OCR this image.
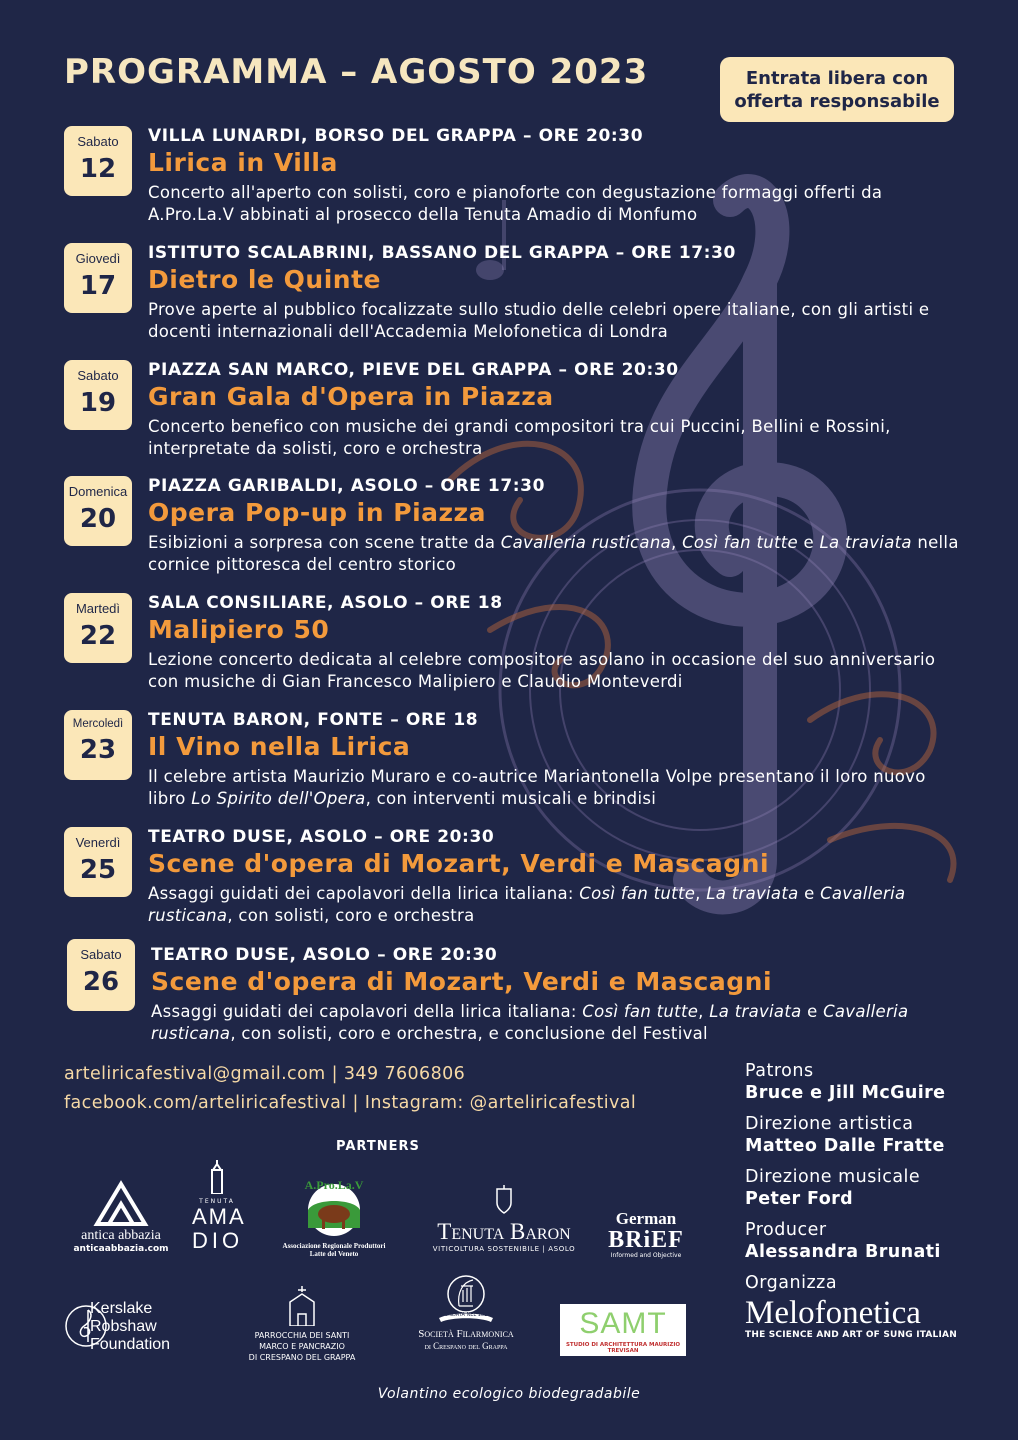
PROGRAMMA – AGOSTO 2023	Entrata libera con
offerta responsabile
Sabato
12
VILLA LUNARDI, BORSO DEL GRAPPA – ORE 20:30
Lirica in Villa
Concerto all'aperto con solisti, coro e pianoforte con degustazione formaggi offerti da A.Pro.La.V abbinati al prosecco della Tenuta Amadio di Monfumo
Giovedì
17
ISTITUTO SCALABRINI, BASSANO DEL GRAPPA – ORE 17:30
Dietro le Quinte
Prove aperte al pubblico focalizzate sullo studio delle celebri opere italiane, con gli artisti e docenti internazionali dell'Accademia Melofonetica di Londra
Sabato
19
PIAZZA SAN MARCO, PIEVE DEL GRAPPA – ORE 20:30
Gran Gala d'Opera in Piazza
Concerto benefico con musiche dei grandi compositori tra cui Puccini, Bellini e Rossini, interpretate da solisti, coro e orchestra
Domenica
20
PIAZZA GARIBALDI, ASOLO – ORE 17:30
Opera Pop-up in Piazza
Esibizioni a sorpresa con scene tratte da Cavalleria rusticana, Così fan tutte e La traviata nella cornice pittoresca del centro storico
Martedì
22
SALA CONSILIARE, ASOLO – ORE 18
Malipiero 50
Lezione concerto dedicata al celebre compositore asolano in occasione del suo anniversario con musiche di Gian Francesco Malipiero e Claudio Monteverdi
Mercoledì
23
TENUTA BARON, FONTE – ORE 18
Il Vino nella Lirica
Il celebre artista Maurizio Muraro e co-autrice Mariantonella Volpe presentano il loro nuovo libro Lo Spirito dell'Opera, con interventi musicali e brindisi
Venerdì
25
TEATRO DUSE, ASOLO – ORE 20:30
Scene d'opera di Mozart, Verdi e Mascagni
Assaggi guidati dei capolavori della lirica italiana: Così fan tutte, La traviata e Cavalleria rusticana, con solisti, coro e orchestra
Sabato
26
TEATRO DUSE, ASOLO – ORE 20:30
Scene d'opera di Mozart, Verdi e Mascagni
Assaggi guidati dei capolavori della lirica italiana: Così fan tutte, La traviata e Cavalleria rusticana, con solisti, coro e orchestra, e conclusione del Festival
arteliricafestival@gmail.com | 349 7606806
facebook.com/arteliricafestival | Instagram: @arteliricafestival
PARTNERS
antica abbazia
anticaabbazia.com
TENUTA
AMA
DIO
A.Pro.La.V
Associazione Regionale Produttori
Latte del Veneto
Tenuta Baron
VITICOLTURA SOSTENIBILE | ASOLO
German
BRiEF
Informed and Objective
Kerslake
Robshaw
Foundation
PARROCCHIA DEI SANTI
MARCO E PANCRAZIO
DI CRESPANO DEL GRAPPA
FONDATA NEL 1821
Società Filarmonica
di Crespano del Grappa
SAMT
STUDIO DI ARCHITETTURA MAURIZIO TREVISAN
Patrons
Bruce e Jill McGuire
Direzione artistica
Matteo Dalle Fratte
Direzione musicale
Peter Ford
Producer
Alessandra Brunati
Organizza
Melofonetica
THE SCIENCE AND ART OF SUNG ITALIAN
Volantino ecologico biodegradabile
